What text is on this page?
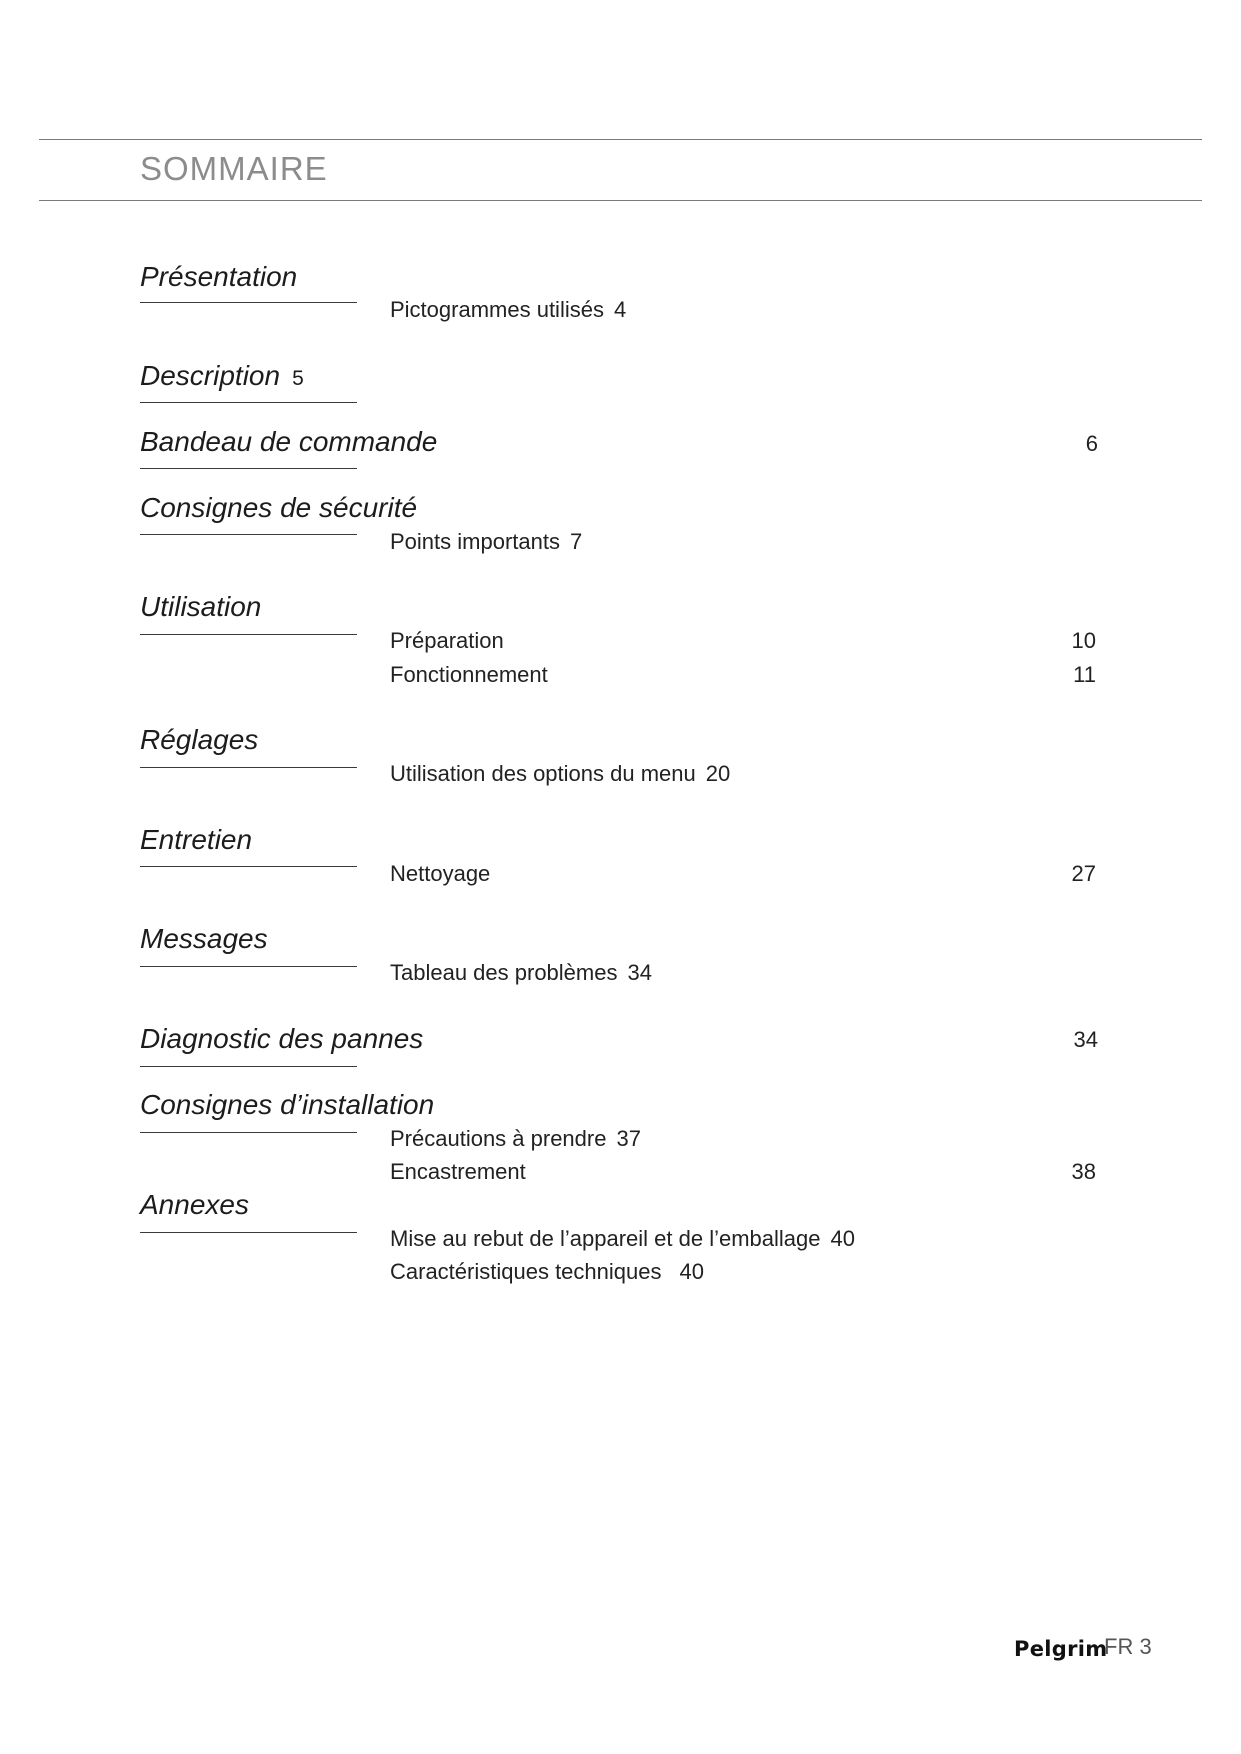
SOMMAIRE
Présentation
Pictogrammes utilisés 4
Description 5
Bandeau de commande	6
Consignes de sécurité
Points importants 7
Utilisation
Préparation	10
Fonctionnement	11
Réglages
Utilisation des options du menu 20
Entretien
Nettoyage	27
Messages
Tableau des problèmes 34
Diagnostic des pannes	34
Consignes d’installation
Précautions à prendre 37
Encastrement	38
Annexes
Mise au rebut de l’appareil et de l’emballage 40
Caractéristiques techniques 40
Pelgrim
FR 3
